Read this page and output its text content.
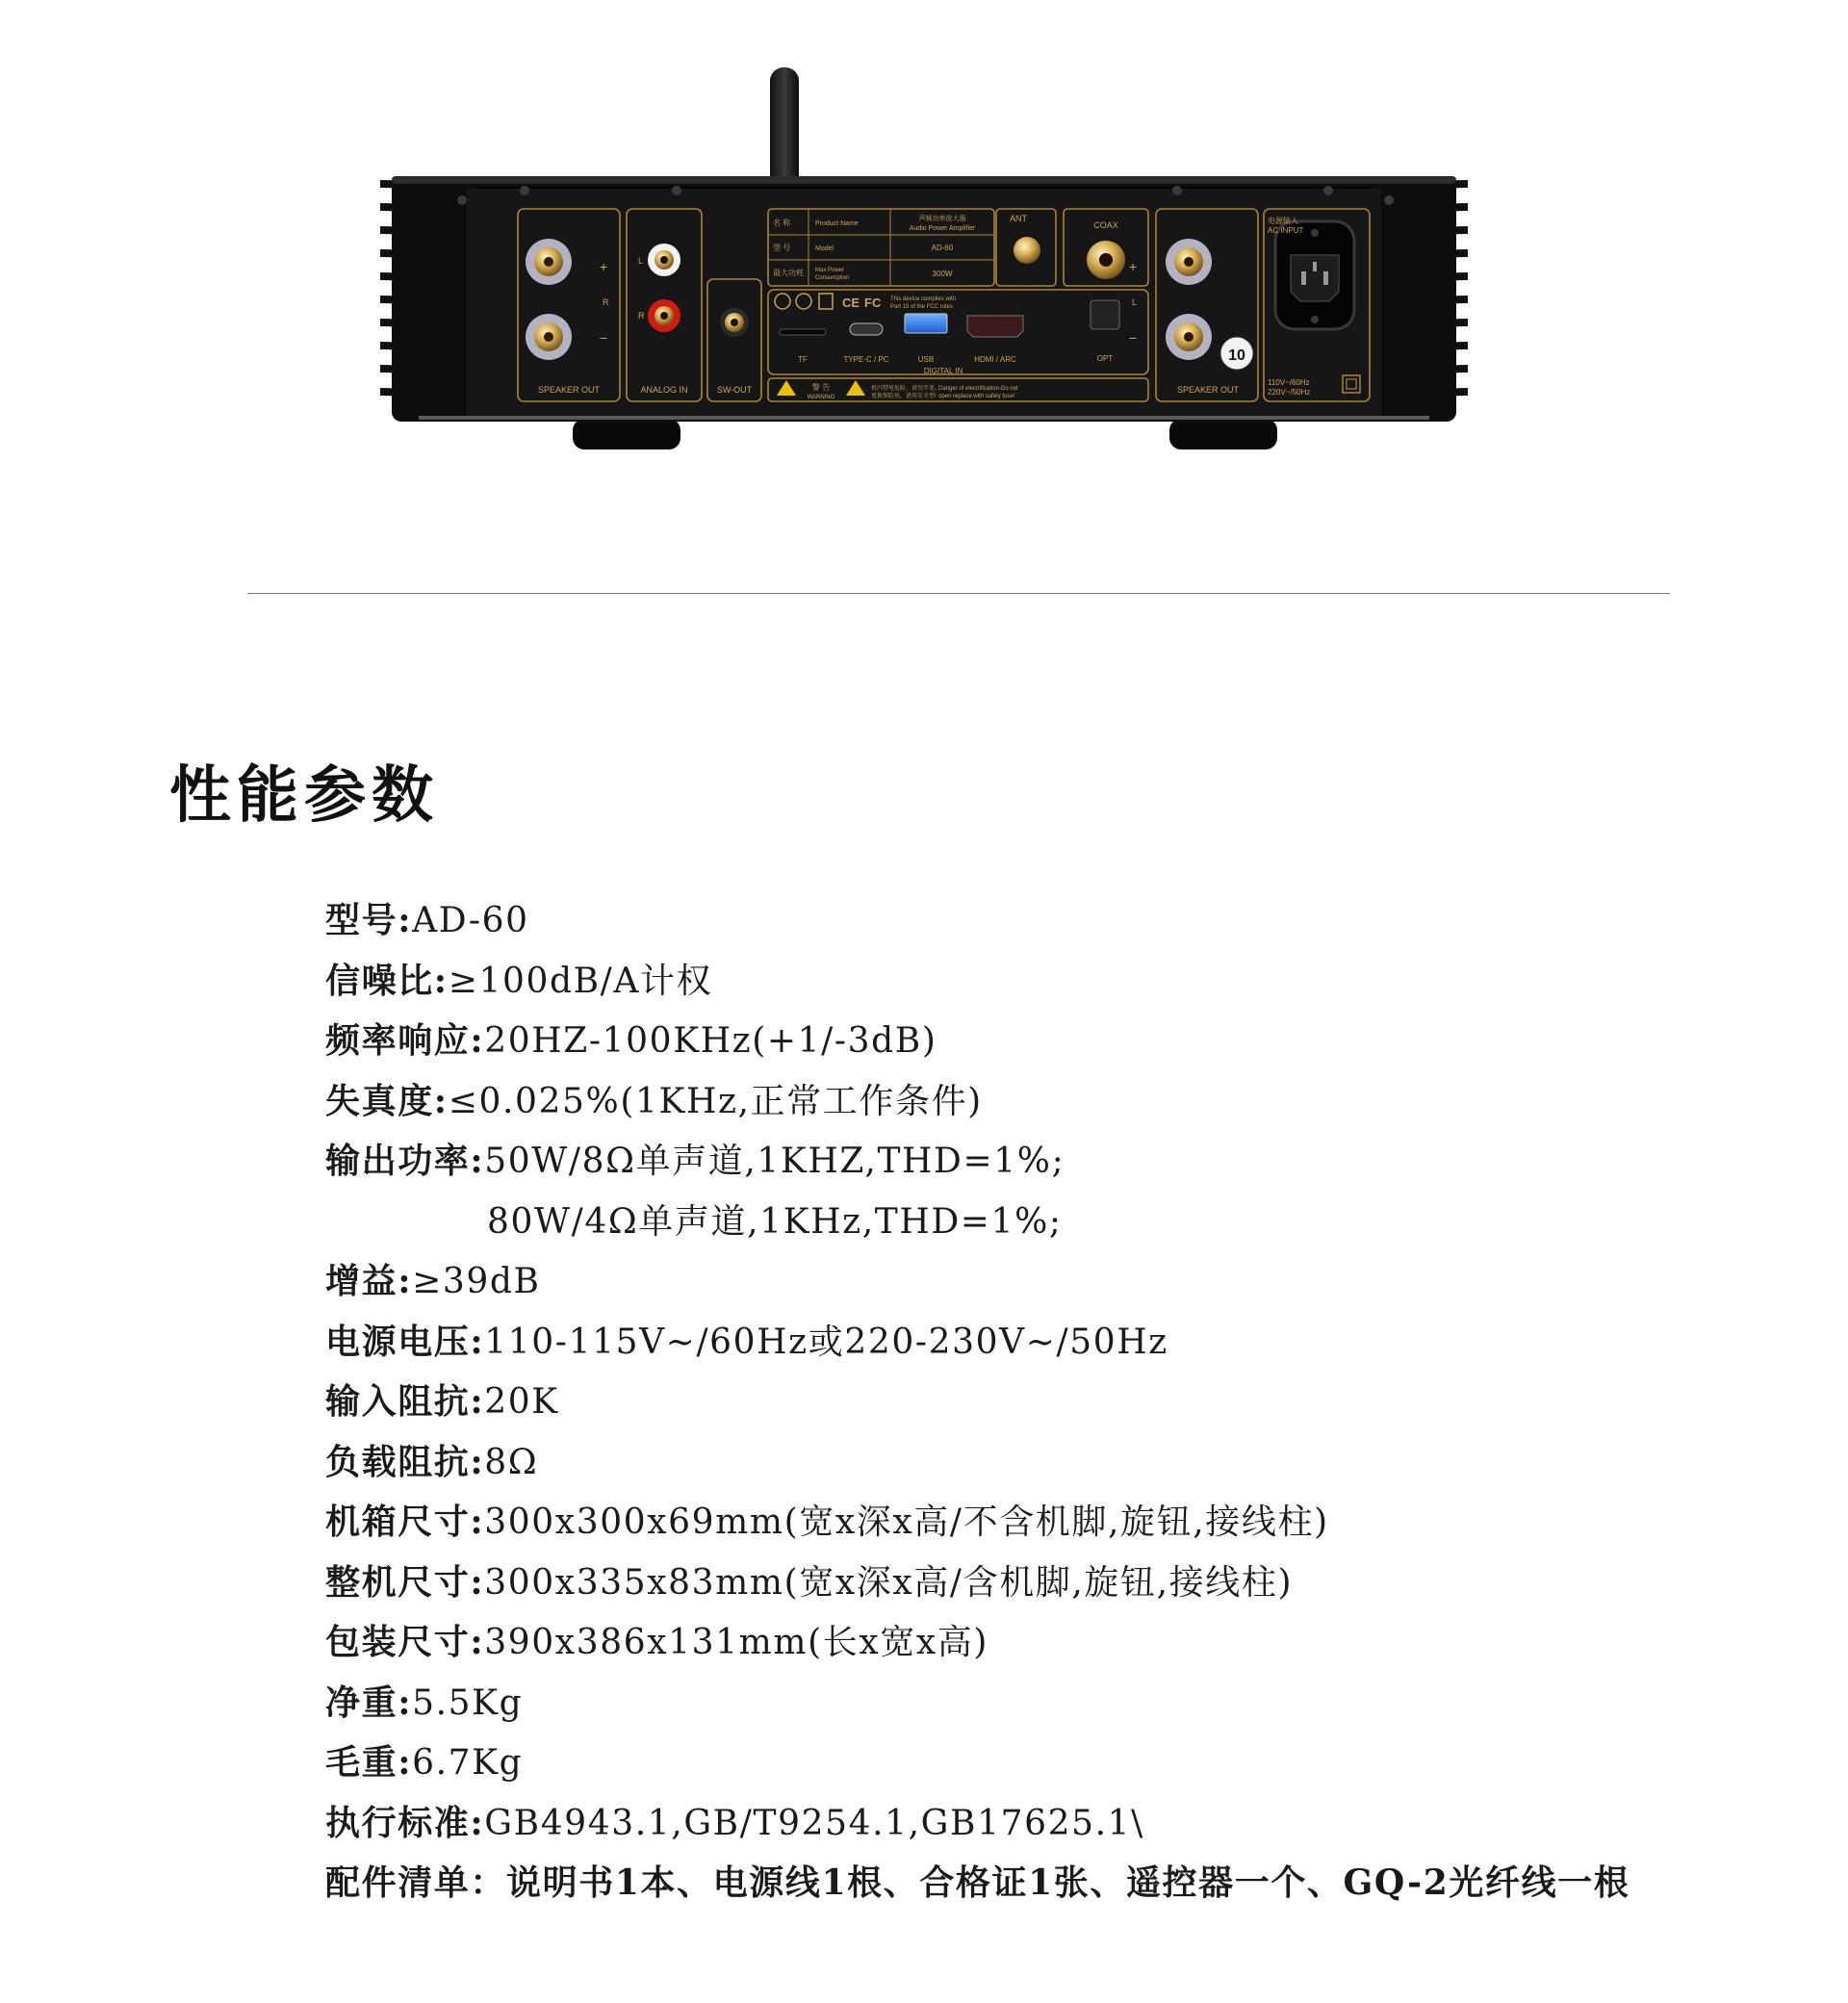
10
+
−
R
SPEAKER OUT
L
R
ANALOG IN	SW-OUT
ANT
COAX
TF	TYPE-C / PC	USB	HDMI / ARC	OPT
DIGITAL IN
+
−
L
SPEAKER OUT
电源输入
AC INPUT
110V~/60Hz
220V~/50Hz
名 称	Product Name
声频功率放大器
Audio Power Amplifier
型 号	Model	AD-60
最大功耗 Max Power
Consumption	300W
CE FC This device complies with
Part 15 of the FCC rules
警 告
WARNING
机内带电危险，请勿开盖。
更换保险丝，请用安全型!
Danger of electrification-Do not
open replace with safety fuse!
性能参数
型号:AD-60
信噪比:≥100dB/A计权
频率响应:20HZ-100KHz(+1/-3dB)
失真度:≤0.025%(1KHz,正常工作条件)
输出功率:50W/8Ω单声道,1KHZ,THD=1%;
80W/4Ω单声道,1KHz,THD=1%;
增益:≥39dB
电源电压:110-115V~/60Hz或220-230V~/50Hz
输入阻抗:20K
负载阻抗:8Ω
机箱尺寸:300x300x69mm(宽x深x高/不含机脚,旋钮,接线柱)
整机尺寸:300x335x83mm(宽x深x高/含机脚,旋钮,接线柱)
包装尺寸:390x386x131mm(长x宽x高)
净重:5.5Kg
毛重:6.7Kg
执行标准:GB4943.1,GB/T9254.1,GB17625.1\
配件清单：说明书1本、电源线1根、合格证1张、遥控器一个、GQ-2光纤线一根
